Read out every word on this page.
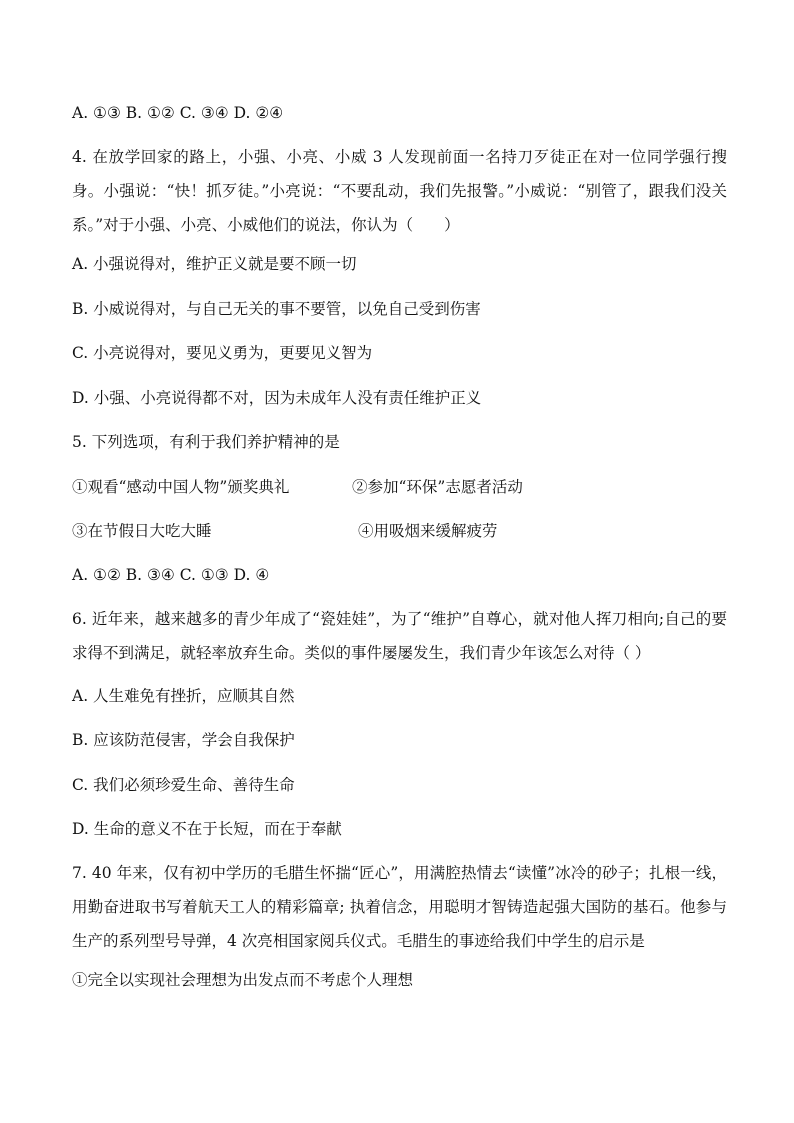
A. ①③ B. ①② C. ③④ D. ②④
4. 在放学回家的路上，小强、小亮、小威 3 人发现前面一名持刀歹徒正在对一位同学强行搜身。小强说：“快！抓歹徒。”小亮说：“不要乱动，我们先报警。”小威说：“别管了，跟我们没关系。”对于小强、小亮、小威他们的说法，你认为（　　）
A. 小强说得对，维护正义就是要不顾一切
B. 小威说得对，与自己无关的事不要管，以免自己受到伤害
C. 小亮说得对，要见义勇为，更要见义智为
D. 小强、小亮说得都不对，因为未成年人没有责任维护正义
5. 下列选项，有利于我们养护精神的是
①观看“感动中国人物”颁奖典礼	②参加“环保”志愿者活动
③在节假日大吃大睡	④用吸烟来缓解疲劳
A. ①② B. ③④ C. ①③ D. ④
6. 近年来，越来越多的青少年成了“瓷娃娃”，为了“维护”自尊心，就对他人挥刀相向;自己的要求得不到满足，就轻率放弃生命。类似的事件屡屡发生，我们青少年该怎么对待（ ）
A. 人生难免有挫折，应顺其自然
B. 应该防范侵害，学会自我保护
C. 我们必须珍爱生命、善待生命
D. 生命的意义不在于长短，而在于奉献
7. 40 年来，仅有初中学历的毛腊生怀揣“匠心”，用满腔热情去“读懂”冰冷的砂子；扎根一线，用勤奋进取书写着航天工人的精彩篇章; 执着信念，用聪明才智铸造起强大国防的基石。他参与生产的系列型号导弹，4 次亮相国家阅兵仪式。毛腊生的事迹给我们中学生的启示是
①完全以实现社会理想为出发点而不考虑个人理想
